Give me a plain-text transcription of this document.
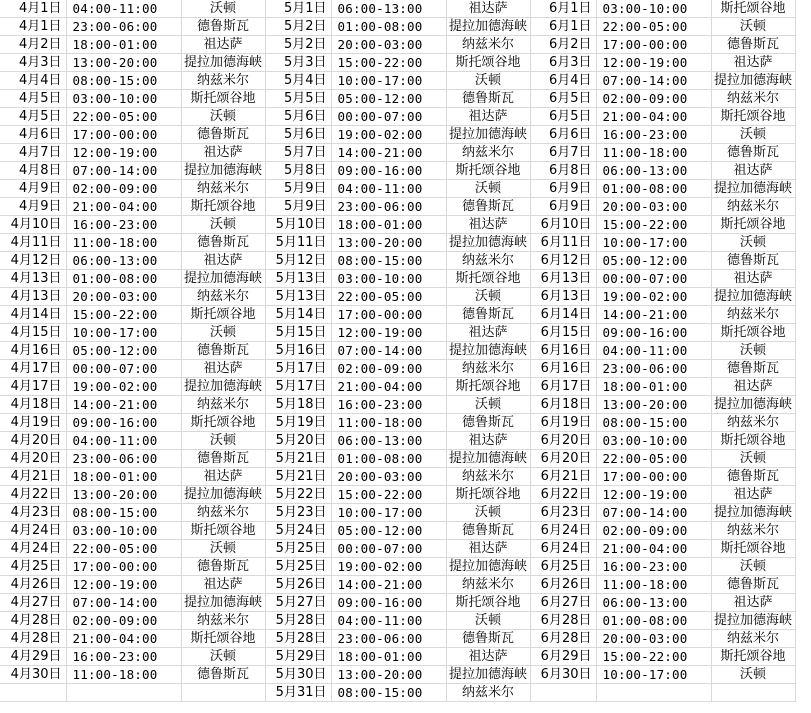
4月1日	04:00-11:00	沃顿	5月1日	06:00-13:00	祖达萨	6月1日	03:00-10:00	斯托颂谷地
4月1日	23:00-06:00	德鲁斯瓦	5月2日	01:00-08:00	提拉加德海峡	6月1日	22:00-05:00	沃顿
4月2日	18:00-01:00	祖达萨	5月2日	20:00-03:00	纳兹米尔	6月2日	17:00-00:00	德鲁斯瓦
4月3日	13:00-20:00	提拉加德海峡	5月3日	15:00-22:00	斯托颂谷地	6月3日	12:00-19:00	祖达萨
4月4日	08:00-15:00	纳兹米尔	5月4日	10:00-17:00	沃顿	6月4日	07:00-14:00	提拉加德海峡
4月5日	03:00-10:00	斯托颂谷地	5月5日	05:00-12:00	德鲁斯瓦	6月5日	02:00-09:00	纳兹米尔
4月5日	22:00-05:00	沃顿	5月6日	00:00-07:00	祖达萨	6月5日	21:00-04:00	斯托颂谷地
4月6日	17:00-00:00	德鲁斯瓦	5月6日	19:00-02:00	提拉加德海峡	6月6日	16:00-23:00	沃顿
4月7日	12:00-19:00	祖达萨	5月7日	14:00-21:00	纳兹米尔	6月7日	11:00-18:00	德鲁斯瓦
4月8日	07:00-14:00	提拉加德海峡	5月8日	09:00-16:00	斯托颂谷地	6月8日	06:00-13:00	祖达萨
4月9日	02:00-09:00	纳兹米尔	5月9日	04:00-11:00	沃顿	6月9日	01:00-08:00	提拉加德海峡
4月9日	21:00-04:00	斯托颂谷地	5月9日	23:00-06:00	德鲁斯瓦	6月9日	20:00-03:00	纳兹米尔
4月10日	16:00-23:00	沃顿	5月10日	18:00-01:00	祖达萨	6月10日	15:00-22:00	斯托颂谷地
4月11日	11:00-18:00	德鲁斯瓦	5月11日	13:00-20:00	提拉加德海峡	6月11日	10:00-17:00	沃顿
4月12日	06:00-13:00	祖达萨	5月12日	08:00-15:00	纳兹米尔	6月12日	05:00-12:00	德鲁斯瓦
4月13日	01:00-08:00	提拉加德海峡	5月13日	03:00-10:00	斯托颂谷地	6月13日	00:00-07:00	祖达萨
4月13日	20:00-03:00	纳兹米尔	5月13日	22:00-05:00	沃顿	6月13日	19:00-02:00	提拉加德海峡
4月14日	15:00-22:00	斯托颂谷地	5月14日	17:00-00:00	德鲁斯瓦	6月14日	14:00-21:00	纳兹米尔
4月15日	10:00-17:00	沃顿	5月15日	12:00-19:00	祖达萨	6月15日	09:00-16:00	斯托颂谷地
4月16日	05:00-12:00	德鲁斯瓦	5月16日	07:00-14:00	提拉加德海峡	6月16日	04:00-11:00	沃顿
4月17日	00:00-07:00	祖达萨	5月17日	02:00-09:00	纳兹米尔	6月16日	23:00-06:00	德鲁斯瓦
4月17日	19:00-02:00	提拉加德海峡	5月17日	21:00-04:00	斯托颂谷地	6月17日	18:00-01:00	祖达萨
4月18日	14:00-21:00	纳兹米尔	5月18日	16:00-23:00	沃顿	6月18日	13:00-20:00	提拉加德海峡
4月19日	09:00-16:00	斯托颂谷地	5月19日	11:00-18:00	德鲁斯瓦	6月19日	08:00-15:00	纳兹米尔
4月20日	04:00-11:00	沃顿	5月20日	06:00-13:00	祖达萨	6月20日	03:00-10:00	斯托颂谷地
4月20日	23:00-06:00	德鲁斯瓦	5月21日	01:00-08:00	提拉加德海峡	6月20日	22:00-05:00	沃顿
4月21日	18:00-01:00	祖达萨	5月21日	20:00-03:00	纳兹米尔	6月21日	17:00-00:00	德鲁斯瓦
4月22日	13:00-20:00	提拉加德海峡	5月22日	15:00-22:00	斯托颂谷地	6月22日	12:00-19:00	祖达萨
4月23日	08:00-15:00	纳兹米尔	5月23日	10:00-17:00	沃顿	6月23日	07:00-14:00	提拉加德海峡
4月24日	03:00-10:00	斯托颂谷地	5月24日	05:00-12:00	德鲁斯瓦	6月24日	02:00-09:00	纳兹米尔
4月24日	22:00-05:00	沃顿	5月25日	00:00-07:00	祖达萨	6月24日	21:00-04:00	斯托颂谷地
4月25日	17:00-00:00	德鲁斯瓦	5月25日	19:00-02:00	提拉加德海峡	6月25日	16:00-23:00	沃顿
4月26日	12:00-19:00	祖达萨	5月26日	14:00-21:00	纳兹米尔	6月26日	11:00-18:00	德鲁斯瓦
4月27日	07:00-14:00	提拉加德海峡	5月27日	09:00-16:00	斯托颂谷地	6月27日	06:00-13:00	祖达萨
4月28日	02:00-09:00	纳兹米尔	5月28日	04:00-11:00	沃顿	6月28日	01:00-08:00	提拉加德海峡
4月28日	21:00-04:00	斯托颂谷地	5月28日	23:00-06:00	德鲁斯瓦	6月28日	20:00-03:00	纳兹米尔
4月29日	16:00-23:00	沃顿	5月29日	18:00-01:00	祖达萨	6月29日	15:00-22:00	斯托颂谷地
4月30日	11:00-18:00	德鲁斯瓦	5月30日	13:00-20:00	提拉加德海峡	6月30日	10:00-17:00	沃顿
			5月31日	08:00-15:00	纳兹米尔			
